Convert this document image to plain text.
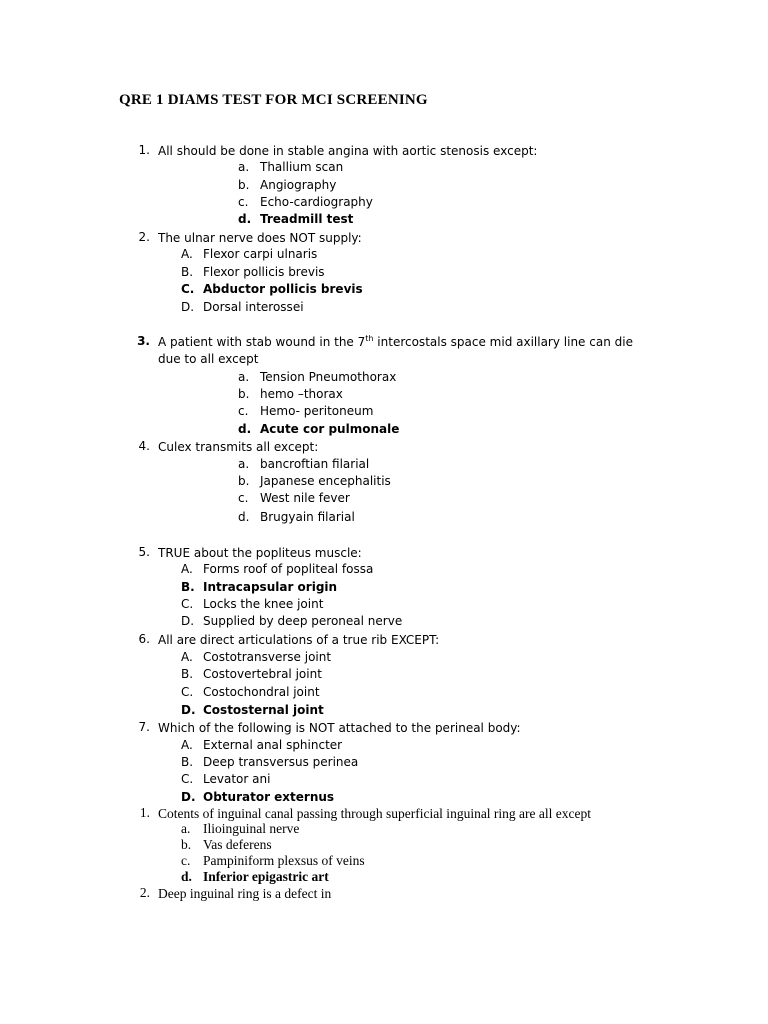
QRE 1 DIAMS TEST FOR MCI SCREENING
1. All should be done in stable angina with aortic stenosis except:
a. Thallium scan
b. Angiography
c. Echo-cardiography
d. Treadmill test
2. The ulnar nerve does NOT supply:
A. Flexor carpi ulnaris
B. Flexor pollicis brevis
C. Abductor pollicis brevis
D. Dorsal interossei
3. A patient with stab wound in the 7th intercostals space mid axillary line can die due to all except
a. Tension Pneumothorax
b. hemo –thorax
c. Hemo- peritoneum
d. Acute cor pulmonale
4. Culex transmits all except:
a. bancroftian filarial
b. Japanese encephalitis
c. West nile fever
d. Brugyain filarial
5. TRUE about the popliteus muscle:
A. Forms roof of popliteal fossa
B. Intracapsular origin
C. Locks the knee joint
D. Supplied by deep peroneal nerve
6. All are direct articulations of a true rib EXCEPT:
A. Costotransverse joint
B. Costovertebral joint
C. Costochondral joint
D. Costosternal joint
7. Which of the following is NOT attached to the perineal body:
A. External anal sphincter
B. Deep transversus perinea
C. Levator ani
D. Obturator externus
1. Cotents of inguinal canal passing through superficial inguinal ring are all except
a. Ilioinguinal nerve
b. Vas deferens
c. Pampiniform plexsus of veins
d. Inferior epigastric art
2. Deep inguinal ring is a defect in
